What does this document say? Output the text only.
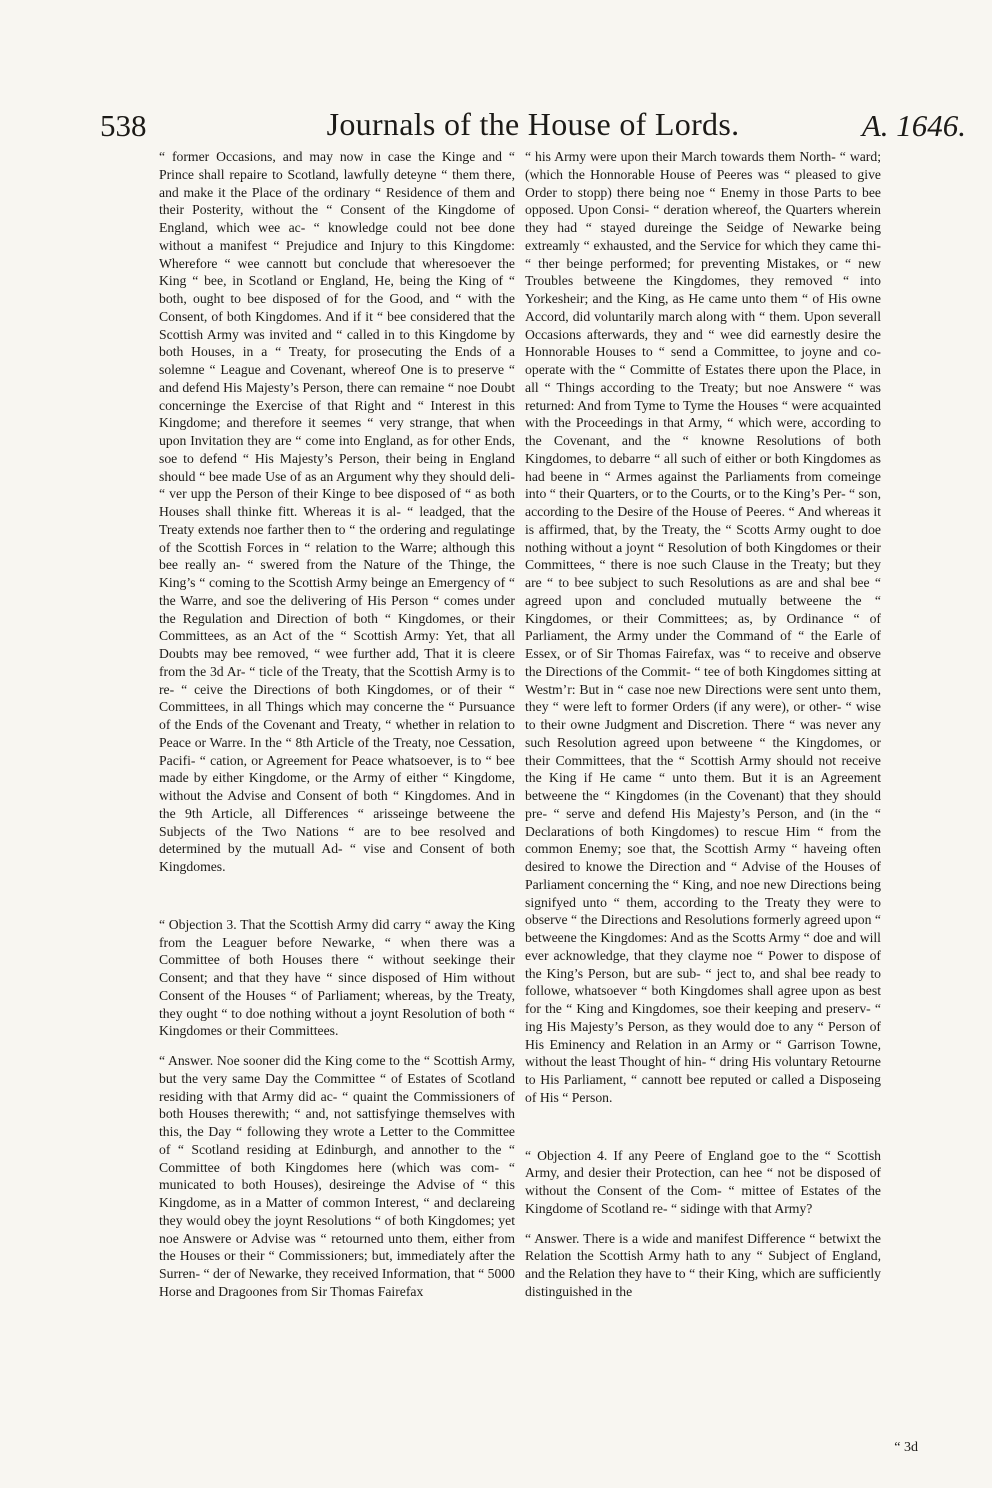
538	Journals of the House of Lords.	A. 1646.

“ former Occasions, and may now in case the Kinge and “ Prince shall repaire to Scotland, lawfully deteyne “ them there, and make it the Place of the ordinary “ Residence of them and their Posterity, without the “ Consent of the Kingdome of England, which wee ac- “ knowledge could not bee done without a manifest “ Prejudice and Injury to this Kingdome: Wherefore “ wee cannott but conclude that wheresoever the King “ bee, in Scotland or England, He, being the King of “ both, ought to bee disposed of for the Good, and “ with the Consent, of both Kingdomes. And if it “ bee considered that the Scottish Army was invited and “ called in to this Kingdome by both Houses, in a “ Treaty, for prosecuting the Ends of a solemne “ League and Covenant, whereof One is to preserve “ and defend His Majesty’s Person, there can remaine “ noe Doubt concerninge the Exercise of that Right and “ Interest in this Kingdome; and therefore it seemes “ very strange, that when upon Invitation they are “ come into England, as for other Ends, soe to defend “ His Majesty’s Person, their being in England should “ bee made Use of as an Argument why they should deli- “ ver upp the Person of their Kinge to bee disposed of “ as both Houses shall thinke fitt. Whereas it is al- “ leadged, that the Treaty extends noe farther then to “ the ordering and regulatinge of the Scottish Forces in “ relation to the Warre; although this bee really an- “ swered from the Nature of the Thinge, the King’s “ coming to the Scottish Army beinge an Emergency of “ the Warre, and soe the delivering of His Person “ comes under the Regulation and Direction of both “ Kingdomes, or their Committees, as an Act of the “ Scottish Army: Yet, that all Doubts may bee removed, “ wee further add, That it is cleere from the 3d Ar- “ ticle of the Treaty, that the Scottish Army is to re- “ ceive the Directions of both Kingdomes, or of their “ Committees, in all Things which may concerne the “ Pursuance of the Ends of the Covenant and Treaty, “ whether in relation to Peace or Warre. In the “ 8th Article of the Treaty, noe Cessation, Pacifi- “ cation, or Agreement for Peace whatsoever, is to “ bee made by either Kingdome, or the Army of either “ Kingdome, without the Advise and Consent of both “ Kingdomes. And in the 9th Article, all Differences “ arisseinge betweene the Subjects of the Two Nations “ are to bee resolved and determined by the mutuall Ad- “ vise and Consent of both Kingdomes.

“ Objection 3. That the Scottish Army did carry “ away the King from the Leaguer before Newarke, “ when there was a Committee of both Houses there “ without seekinge their Consent; and that they have “ since disposed of Him without Consent of the Houses “ of Parliament; whereas, by the Treaty, they ought “ to doe nothing without a joynt Resolution of both “ Kingdomes or their Committees.

“ Answer. Noe sooner did the King come to the “ Scottish Army, but the very same Day the Committee “ of Estates of Scotland residing with that Army did ac- “ quaint the Commissioners of both Houses therewith; “ and, not sattisfyinge themselves with this, the Day “ following they wrote a Letter to the Committee of “ Scotland residing at Edinburgh, and annother to the “ Committee of both Kingdomes here (which was com- “ municated to both Houses), desireinge the Advise of “ this Kingdome, as in a Matter of common Interest, “ and declareing they would obey the joynt Resolutions “ of both Kingdomes; yet noe Answere or Advise was “ retourned unto them, either from the Houses or their “ Commissioners; but, immediately after the Surren- “ der of Newarke, they received Information, that “ 5000 Horse and Dragoones from Sir Thomas Fairefax

“ his Army were upon their March towards them North- “ ward; (which the Honnorable House of Peeres was “ pleased to give Order to stopp) there being noe “ Enemy in those Parts to bee opposed. Upon Consi- “ deration whereof, the Quarters wherein they had “ stayed dureinge the Seidge of Newarke being extreamly “ exhausted, and the Service for which they came thi- “ ther beinge performed; for preventing Mistakes, or “ new Troubles betweene the Kingdomes, they removed “ into Yorkesheir; and the King, as He came unto them “ of His owne Accord, did voluntarily march along with “ them. Upon severall Occasions afterwards, they and “ wee did earnestly desire the Honnorable Houses to “ send a Committee, to joyne and co-operate with the “ Committe of Estates there upon the Place, in all “ Things according to the Treaty; but noe Answere “ was returned: And from Tyme to Tyme the Houses “ were acquainted with the Proceedings in that Army, “ which were, according to the Covenant, and the “ knowne Resolutions of both Kingdomes, to debarre “ all such of either or both Kingdomes as had beene in “ Armes against the Parliaments from comeinge into “ their Quarters, or to the Courts, or to the King’s Per- “ son, according to the Desire of the House of Peeres. “ And whereas it is affirmed, that, by the Treaty, the “ Scotts Army ought to doe nothing without a joynt “ Resolution of both Kingdomes or their Committees, “ there is noe such Clause in the Treaty; but they are “ to bee subject to such Resolutions as are and shal bee “ agreed upon and concluded mutually betweene the “ Kingdomes, or their Committees; as, by Ordinance “ of Parliament, the Army under the Command of “ the Earle of Essex, or of Sir Thomas Fairefax, was “ to receive and observe the Directions of the Commit- “ tee of both Kingdomes sitting at Westm’r: But in “ case noe new Directions were sent unto them, they “ were left to former Orders (if any were), or other- “ wise to their owne Judgment and Discretion. There “ was never any such Resolution agreed upon betweene “ the Kingdomes, or their Committees, that the “ Scottish Army should not receive the King if He came “ unto them. But it is an Agreement betweene the “ Kingdomes (in the Covenant) that they should pre- “ serve and defend His Majesty’s Person, and (in the “ Declarations of both Kingdomes) to rescue Him “ from the common Enemy; soe that, the Scottish Army “ haveing often desired to knowe the Direction and “ Advise of the Houses of Parliament concerning the “ King, and noe new Directions being signifyed unto “ them, according to the Treaty they were to observe “ the Directions and Resolutions formerly agreed upon “ betweene the Kingdomes: And as the Scotts Army “ doe and will ever acknowledge, that they clayme noe “ Power to dispose of the King’s Person, but are sub- “ ject to, and shal bee ready to followe, whatsoever “ both Kingdomes shall agree upon as best for the “ King and Kingdomes, soe their keeping and preserv- “ ing His Majesty’s Person, as they would doe to any “ Person of His Eminency and Relation in an Army or “ Garrison Towne, without the least Thought of hin- “ dring His voluntary Retourne to His Parliament, “ cannott bee reputed or called a Disposeing of His “ Person.

“ Objection 4. If any Peere of England goe to the “ Scottish Army, and desier their Protection, can hee “ not be disposed of without the Consent of the Com- “ mittee of Estates of the Kingdome of Scotland re- “ sidinge with that Army?

“ Answer. There is a wide and manifest Difference “ betwixt the Relation the Scottish Army hath to any “ Subject of England, and the Relation they have to “ their King, which are sufficiently distinguished in the

“ 3d
